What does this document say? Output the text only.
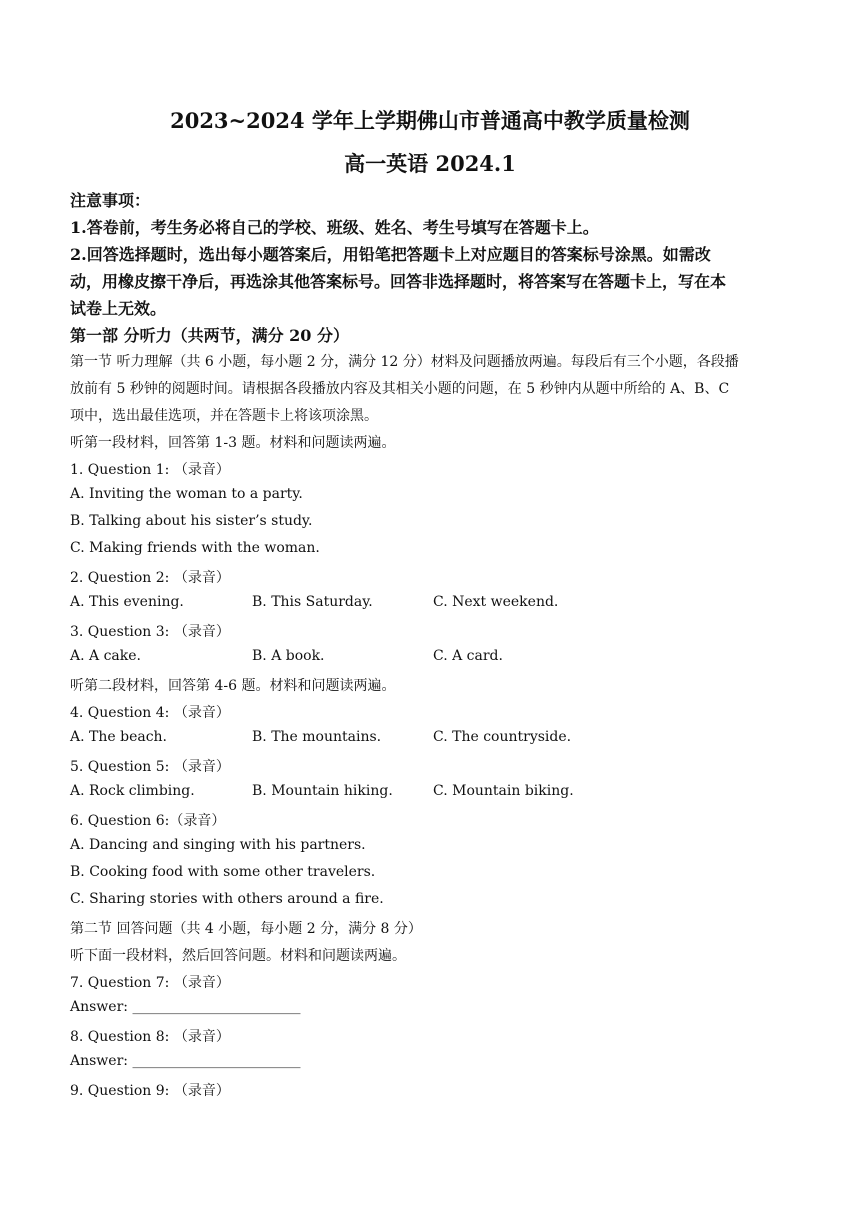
2023~2024 学年上学期佛山市普通高中教学质量检测
高一英语 2024.1
注意事项：
1.答卷前，考生务必将自己的学校、班级、姓名、考生号填写在答题卡上。
2.回答选择题时，选出每小题答案后，用铅笔把答题卡上对应题目的答案标号涂黑。如需改
动，用橡皮擦干净后，再选涂其他答案标号。回答非选择题时，将答案写在答题卡上，写在本
试卷上无效。
第一部 分听力（共两节，满分 20 分）
第一节 听力理解（共 6 小题，每小题 2 分，满分 12 分）材料及问题播放两遍。每段后有三个小题，各段播
放前有 5 秒钟的阅题时间。请根据各段播放内容及其相关小题的问题，在 5 秒钟内从题中所给的 A、B、C
项中，选出最佳选项，并在答题卡上将该项涂黑。
听第一段材料，回答第 1-3 题。材料和问题读两遍。
1. Question 1: （录音）
A. Inviting the woman to a party.
B. Talking about his sister’s study.
C. Making friends with the woman.
2. Question 2: （录音）
A. This evening.	B. This Saturday.	C. Next weekend.
3. Question 3: （录音）
A. A cake.	B. A book.	C. A card.
听第二段材料，回答第 4-6 题。材料和问题读两遍。
4. Question 4: （录音）
A. The beach.	B. The mountains.	C. The countryside.
5. Question 5: （录音）
A. Rock climbing.	B. Mountain hiking.	C. Mountain biking.
6. Question 6:（录音）
A. Dancing and singing with his partners.
B. Cooking food with some other travelers.
C. Sharing stories with others around a fire.
第二节 回答问题（共 4 小题，每小题 2 分，满分 8 分）
听下面一段材料，然后回答问题。材料和问题读两遍。
7. Question 7: （录音）
Answer: ________________________
8. Question 8: （录音）
Answer: ________________________
9. Question 9: （录音）
